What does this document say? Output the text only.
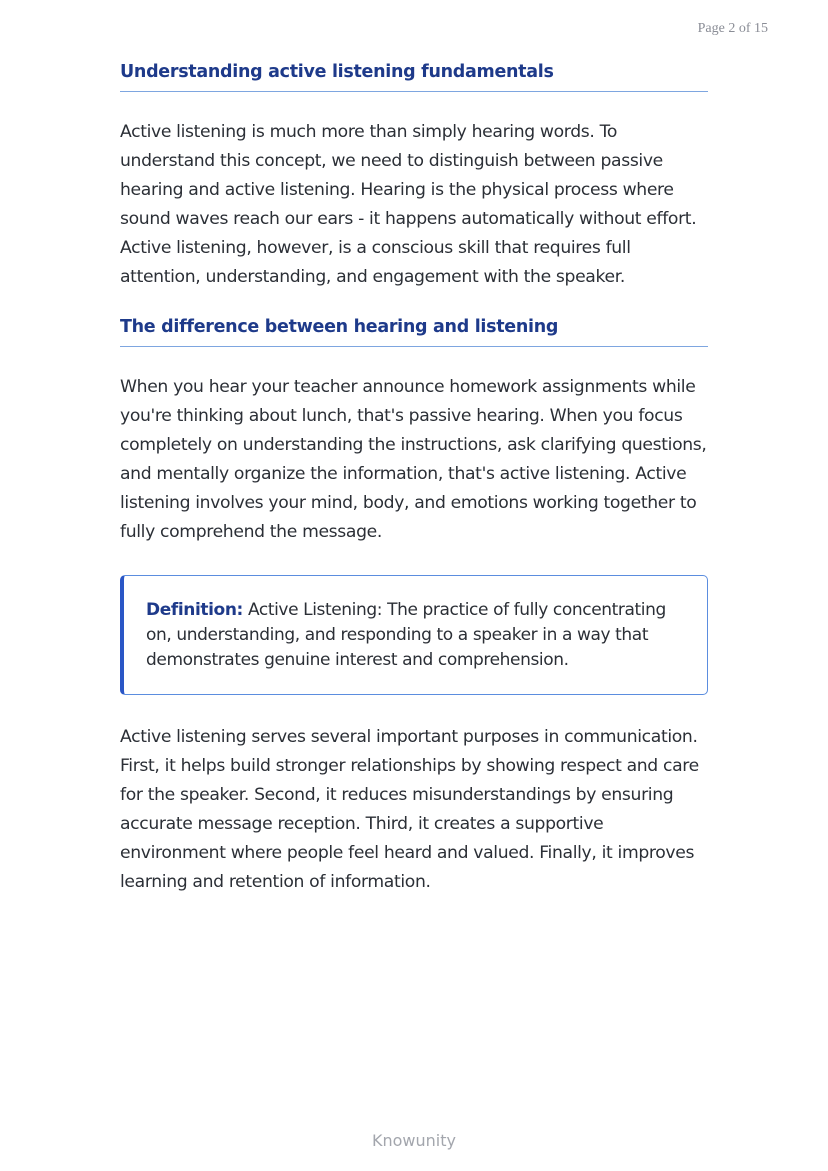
Page 2 of 15
Understanding active listening fundamentals

Active listening is much more than simply hearing words. To understand this concept, we need to distinguish between passive hearing and active listening. Hearing is the physical process where sound waves reach our ears - it happens automatically without effort. Active listening, however, is a conscious skill that requires full attention, understanding, and engagement with the speaker.

The difference between hearing and listening

When you hear your teacher announce homework assignments while you're thinking about lunch, that's passive hearing. When you focus completely on understanding the instructions, ask clarifying questions, and mentally organize the information, that's active listening. Active listening involves your mind, body, and emotions working together to fully comprehend the message.

Definition: Active Listening: The practice of fully concentrating on, understanding, and responding to a speaker in a way that demonstrates genuine interest and comprehension.

Active listening serves several important purposes in communication. First, it helps build stronger relationships by showing respect and care for the speaker. Second, it reduces misunderstandings by ensuring accurate message reception. Third, it creates a supportive environment where people feel heard and valued. Finally, it improves learning and retention of information.

Knowunity
